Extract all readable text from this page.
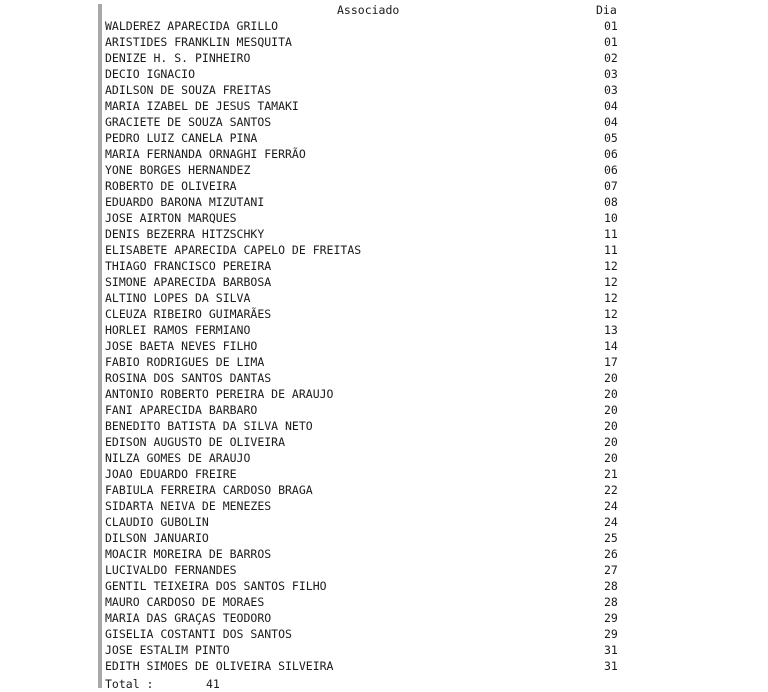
Associado	Dia
WALDEREZ APARECIDA GRILLO	01
ARISTIDES FRANKLIN MESQUITA	01
DENIZE H. S. PINHEIRO	02
DECIO IGNACIO	03
ADILSON DE SOUZA FREITAS	03
MARIA IZABEL DE JESUS TAMAKI	04
GRACIETE DE SOUZA SANTOS	04
PEDRO LUIZ CANELA PINA	05
MARIA FERNANDA ORNAGHI FERRÃO	06
YONE BORGES HERNANDEZ	06
ROBERTO DE OLIVEIRA	07
EDUARDO BARONA MIZUTANI	08
JOSE AIRTON MARQUES	10
DENIS BEZERRA HITZSCHKY	11
ELISABETE APARECIDA CAPELO DE FREITAS	11
THIAGO FRANCISCO PEREIRA	12
SIMONE APARECIDA BARBOSA	12
ALTINO LOPES DA SILVA	12
CLEUZA RIBEIRO GUIMARÃES	12
HORLEI RAMOS FERMIANO	13
JOSE BAETA NEVES FILHO	14
FABIO RODRIGUES DE LIMA	17
ROSINA DOS SANTOS DANTAS	20
ANTONIO ROBERTO PEREIRA DE ARAUJO	20
FANI APARECIDA BARBARO	20
BENEDITO BATISTA DA SILVA NETO	20
EDISON AUGUSTO DE OLIVEIRA	20
NILZA GOMES DE ARAUJO	20
JOAO EDUARDO FREIRE	21
FABIULA FERREIRA CARDOSO BRAGA	22
SIDARTA NEIVA DE MENEZES	24
CLAUDIO GUBOLIN	24
DILSON JANUARIO	25
MOACIR MOREIRA DE BARROS	26
LUCIVALDO FERNANDES	27
GENTIL TEIXEIRA DOS SANTOS FILHO	28
MAURO CARDOSO DE MORAES	28
MARIA DAS GRAÇAS TEODORO	29
GISELIA COSTANTI DOS SANTOS	29
JOSE ESTALIM PINTO	31
EDITH SIMOES DE OLIVEIRA SILVEIRA	31
Total :	41
